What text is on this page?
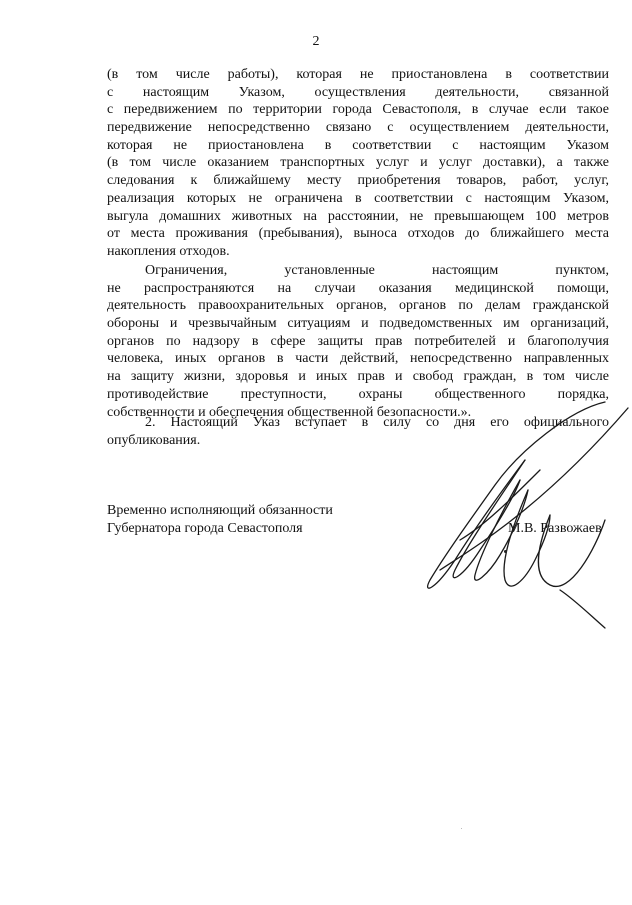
2
(в том числе работы), которая не приостановлена в соответствии
с настоящим Указом, осуществления деятельности, связанной
с передвижением по территории города Севастополя, в случае если такое
передвижение непосредственно связано с осуществлением деятельности,
которая не приостановлена в соответствии с настоящим Указом
(в том числе оказанием транспортных услуг и услуг доставки), а также
следования к ближайшему месту приобретения товаров, работ, услуг,
реализация которых не ограничена в соответствии с настоящим Указом,
выгула домашних животных на расстоянии, не превышающем 100 метров
от места проживания (пребывания), выноса отходов до ближайшего места
накопления отходов.
Ограничения, установленные настоящим пунктом,
не распространяются на случаи оказания медицинской помощи,
деятельность правоохранительных органов, органов по делам гражданской
обороны и чрезвычайным ситуациям и подведомственных им организаций,
органов по надзору в сфере защиты прав потребителей и благополучия
человека, иных органов в части действий, непосредственно направленных
на защиту жизни, здоровья и иных прав и свобод граждан, в том числе
противодействие преступности, охраны общественного порядка,
собственности и обеспечения общественной безопасности.».
2. Настоящий Указ вступает в силу со дня его официального
опубликования.
Временно исполняющий обязанности
Губернатора города Севастополя	М.В. Развожаев
